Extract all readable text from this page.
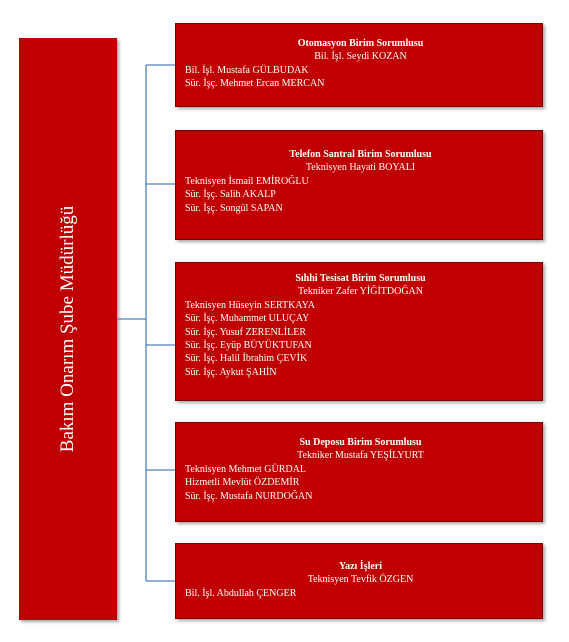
Bakım Onarım Şube Müdürlüğü
Otomasyon Birim Sorumlusu
Bil. İşl. Seydi KOZAN
Bil. İşl. Mustafa GÜLBUDAK
Sür. İşç. Mehmet Ercan MERCAN
Telefon Santral Birim Sorumlusu
Teknisyen Hayati BOYALI
Teknisyen İsmail EMİROĞLU
Sür. İşç. Salih AKALP
Sür. İşç. Songül SAPAN
Sıhhi Tesisat Birim Sorumlusu
Tekniker Zafer YİĞİTDOĞAN
Teknisyen Hüseyin SERTKAYA
Sür. İşç. Muhammet ULUÇAY
Sür. İşç. Yusuf ZERENLİLER
Sür. İşç. Eyüp BÜYÜKTUFAN
Sür. İşç. Halil İbrahim ÇEVİK
Sür. İşç. Aykut ŞAHİN
Su Deposu Birim Sorumlusu
Tekniker Mustafa YEŞİLYURT
Teknisyen Mehmet GÜRDAL
Hizmetli Mevlüt ÖZDEMİR
Sür. İşç. Mustafa NURDOĞAN
Yazı İşleri
Teknisyen Tevfik ÖZGEN
Bil. İşl. Abdullah ÇENGER
